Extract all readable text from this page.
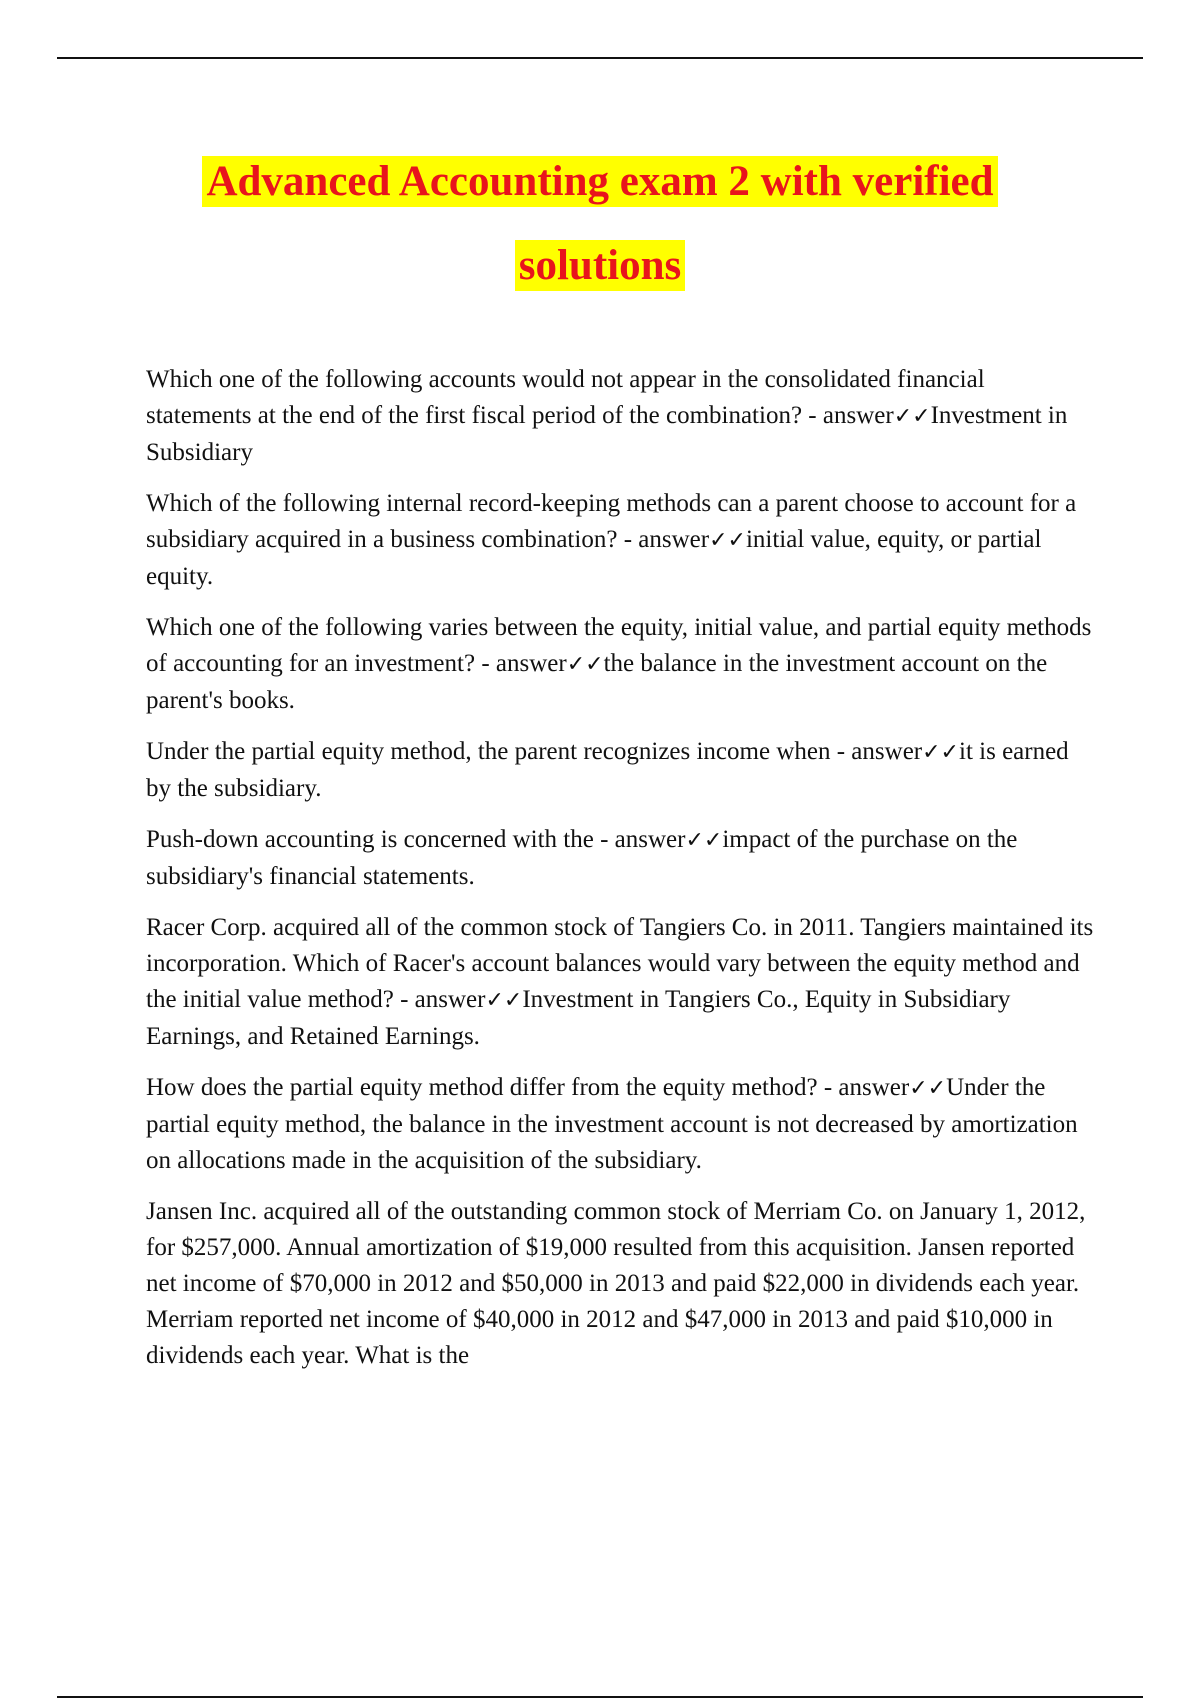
Advanced Accounting exam 2 with verified
solutions

Which one of the following accounts would not appear in the consolidated financial statements at the end of the first fiscal period of the combination? - answer✓✓Investment in Subsidiary

Which of the following internal record-keeping methods can a parent choose to account for a subsidiary acquired in a business combination? - answer✓✓initial value, equity, or partial equity.

Which one of the following varies between the equity, initial value, and partial equity methods of accounting for an investment? - answer✓✓the balance in the investment account on the parent's books.

Under the partial equity method, the parent recognizes income when - answer✓✓it is earned by the subsidiary.

Push-down accounting is concerned with the - answer✓✓impact of the purchase on the subsidiary's financial statements.

Racer Corp. acquired all of the common stock of Tangiers Co. in 2011. Tangiers maintained its incorporation. Which of Racer's account balances would vary between the equity method and the initial value method? - answer✓✓Investment in Tangiers Co., Equity in Subsidiary Earnings, and Retained Earnings.

How does the partial equity method differ from the equity method? - answer✓✓Under the partial equity method, the balance in the investment account is not decreased by amortization on allocations made in the acquisition of the subsidiary.

Jansen Inc. acquired all of the outstanding common stock of Merriam Co. on January 1, 2012, for $257,000. Annual amortization of $19,000 resulted from this acquisition. Jansen reported net income of $70,000 in 2012 and $50,000 in 2013 and paid $22,000 in dividends each year. Merriam reported net income of $40,000 in 2012 and $47,000 in 2013 and paid $10,000 in dividends each year. What is the
